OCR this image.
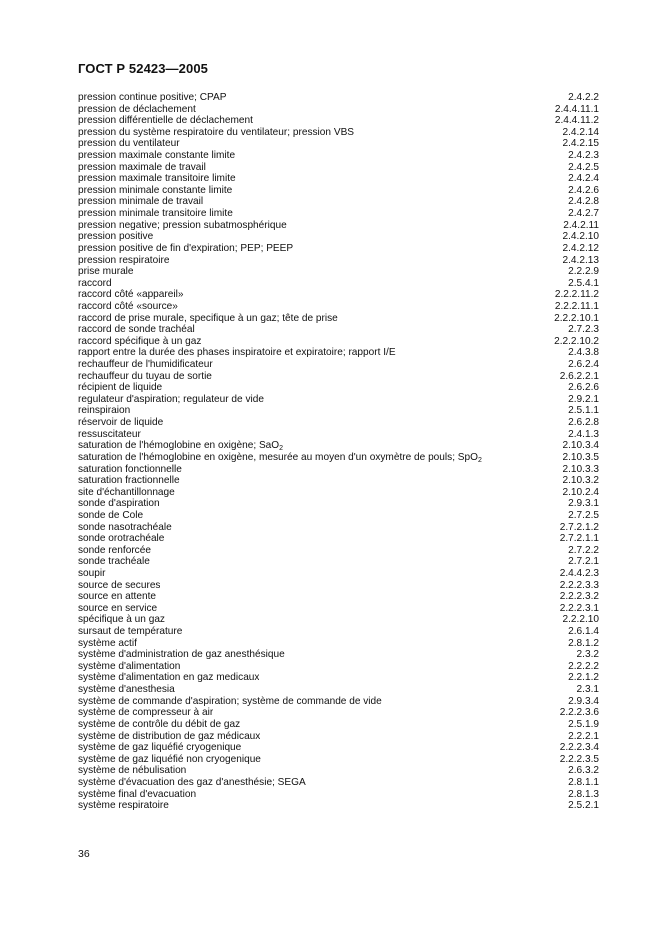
ГОСТ Р 52423—2005
pression continue positive; CPAP	2.4.2.2
pression de déclachement	2.4.4.11.1
pression différentielle de déclachement	2.4.4.11.2
pression du système respiratoire du ventilateur; pression VBS	2.4.2.14
pression du ventilateur	2.4.2.15
pression maximale constante limite	2.4.2.3
pression maximale de travail	2.4.2.5
pression maximale transitoire limite	2.4.2.4
pression minimale constante limite	2.4.2.6
pression minimale de travail	2.4.2.8
pression minimale transitoire limite	2.4.2.7
pression negative; pression subatmosphérique	2.4.2.11
pression positive	2.4.2.10
pression positive de fin d'expiration; PEP; PEEP	2.4.2.12
pression respiratoire	2.4.2.13
prise murale	2.2.2.9
raccord	2.5.4.1
raccord côté «appareil»	2.2.2.11.2
raccord côté «source»	2.2.2.11.1
raccord de prise murale, specifique à un gaz; tête de prise	2.2.2.10.1
raccord de sonde trachéal	2.7.2.3
raccord spécifique à un gaz	2.2.2.10.2
rapport entre la durée des phases inspiratoire et expiratoire; rapport I/E	2.4.3.8
rechauffeur de l'humidificateur	2.6.2.4
rechauffeur du tuyau de sortie	2.6.2.2.1
récipient de liquide	2.6.2.6
regulateur d'aspiration; regulateur de vide	2.9.2.1
reinspiraion	2.5.1.1
réservoir de liquide	2.6.2.8
ressuscitateur	2.4.1.3
saturation de l'hémoglobine en oxigène; SaO$_2$	2.10.3.4
saturation de l'hémoglobine en oxigène, mesurée au moyen d'un oxymètre de pouls; SpO$_2$	2.10.3.5
saturation fonctionnelle	2.10.3.3
saturation fractionnelle	2.10.3.2
site d'échantillonnage	2.10.2.4
sonde d'aspiration	2.9.3.1
sonde de Cole	2.7.2.5
sonde nasotrachéale	2.7.2.1.2
sonde orotrachéale	2.7.2.1.1
sonde renforcée	2.7.2.2
sonde trachéale	2.7.2.1
soupir	2.4.4.2.3
source de secures	2.2.2.3.3
source en attente	2.2.2.3.2
source en service	2.2.2.3.1
spécifique à un gaz	2.2.2.10
sursaut de température	2.6.1.4
système actif	2.8.1.2
système d'administration de gaz anesthésique	2.3.2
système d'alimentation	2.2.2.2
système d'alimentation en gaz medicaux	2.2.1.2
système d'anesthesia	2.3.1
système de commande d'aspiration; système de commande de vide	2.9.3.4
système de compresseur à air	2.2.2.3.6
système de contrôle du débit de gaz	2.5.1.9
système de distribution de gaz médicaux	2.2.2.1
système de gaz liquéfié cryogenique	2.2.2.3.4
système de gaz liquéfié non cryogenique	2.2.2.3.5
système de nébulisation	2.6.3.2
système d'évacuation des gaz d'anesthésie; SEGA	2.8.1.1
système final d'evacuation	2.8.1.3
système respiratoire	2.5.2.1
36
